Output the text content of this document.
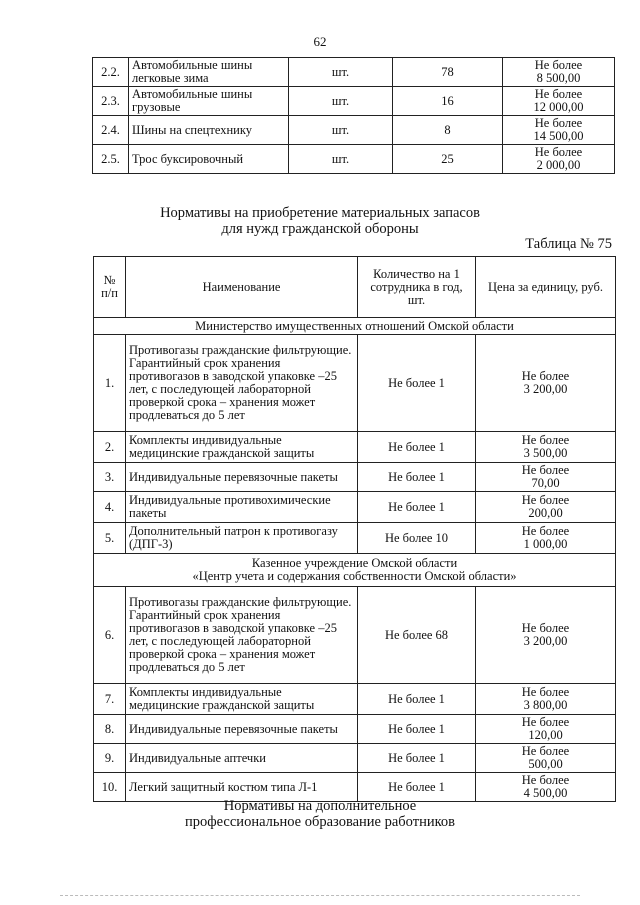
62
2.2.	Автомобильные шины легковые зима	шт.	78	Не более
8 500,00

2.3.	Автомобильные шины грузовые	шт.	16	Не более
12 000,00

2.4.	Шины на спецтехнику	шт.	8	Не более
14 500,00

2.5.	Трос буксировочный	шт.	25	Не более
2 000,00
Нормативы на приобретение материальных запасов
для нужд гражданской обороны
Таблица № 75
№ п/п	Наименование	Количество на 1 сотрудника в год, шт.	Цена за единицу, руб.

Министерство имущественных отношений Омской области			

1.	Противогазы гражданские фильтрующие. Гарантийный срок хранения противогазов в заводской упаковке –25 лет, с последующей лабораторной проверкой срока – хранения может продлеваться до 5 лет	Не более 1	Не более
3 200,00

2.	Комплекты индивидуальные медицинские гражданской защиты	Не более 1	Не более
3 500,00

3.	Индивидуальные перевязочные пакеты	Не более 1	Не более
70,00

4.	Индивидуальные противохимические пакеты	Не более 1	Не более
200,00

5.	Дополнительный патрон к противогазу (ДПГ-3)	Не более 10	Не более
1 000,00

Казенное учреждение Омской области
«Центр учета и содержания собственности Омской области»			

6.	Противогазы гражданские фильтрующие. Гарантийный срок хранения противогазов в заводской упаковке –25 лет, с последующей лабораторной проверкой срока – хранения может продлеваться до 5 лет	Не более 68	Не более
3 200,00

7.	Комплекты индивидуальные медицинские гражданской защиты	Не более 1	Не более
3 800,00

8.	Индивидуальные перевязочные пакеты	Не более 1	Не более
120,00

9.	Индивидуальные аптечки	Не более 1	Не более
500,00

10.	Легкий защитный костюм типа Л-1	Не более 1	Не более
4 500,00
Нормативы на дополнительное
профессиональное образование работников
